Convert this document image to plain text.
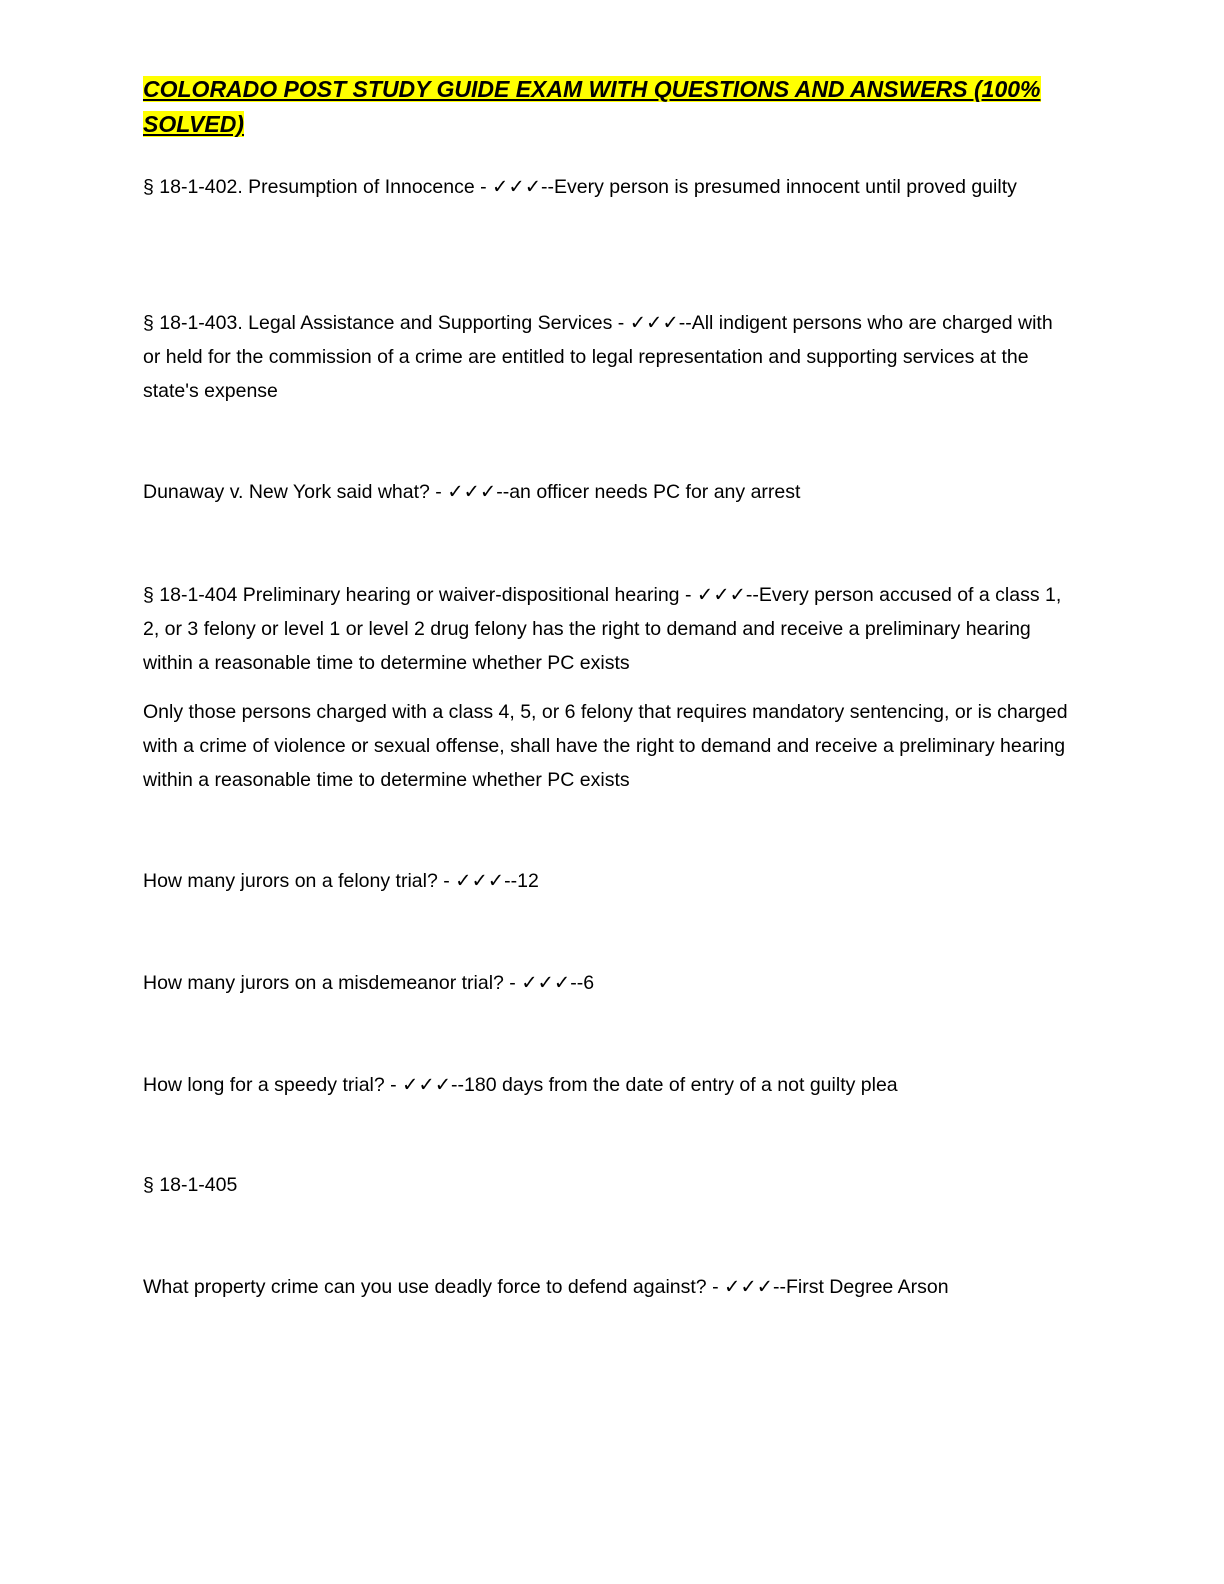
COLORADO POST STUDY GUIDE EXAM WITH QUESTIONS AND ANSWERS (100% SOLVED)

§ 18-1-402. Presumption of Innocence - ✓✓✓--Every person is presumed innocent until proved guilty

§ 18-1-403. Legal Assistance and Supporting Services - ✓✓✓--All indigent persons who are charged with or held for the commission of a crime are entitled to legal representation and supporting services at the state's expense

Dunaway v. New York said what? - ✓✓✓--an officer needs PC for any arrest

§ 18-1-404 Preliminary hearing or waiver-dispositional hearing - ✓✓✓--Every person accused of a class 1, 2, or 3 felony or level 1 or level 2 drug felony has the right to demand and receive a preliminary hearing within a reasonable time to determine whether PC exists

Only those persons charged with a class 4, 5, or 6 felony that requires mandatory sentencing, or is charged with a crime of violence or sexual offense, shall have the right to demand and receive a preliminary hearing within a reasonable time to determine whether PC exists

How many jurors on a felony trial? - ✓✓✓--12

How many jurors on a misdemeanor trial? - ✓✓✓--6

How long for a speedy trial? - ✓✓✓--180 days from the date of entry of a not guilty plea

§ 18-1-405

What property crime can you use deadly force to defend against? - ✓✓✓--First Degree Arson
